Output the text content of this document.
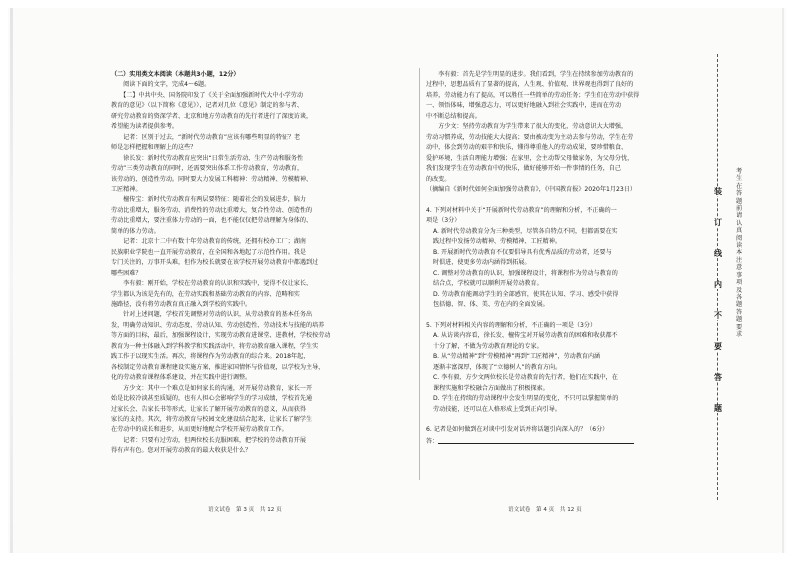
（二）实用类文本阅读（本题共3小题，12分）

　　阅读下面的文字，完成4～6题。

　　【二】中共中央、国务院印发了《关于全面加强新时代大中小学劳动

教育的意见》（以下简称《意见》），记者对几位《意见》制定的参与者、

研究劳动教育的资深学者、北京和地方劳动教育的先行者进行了深度访谈，

希望能为读者提供参考。

　　记者：区别于过去，“新时代劳动教育”应该有哪些明显的特征？老

师是怎样把握和理解上的这些？

　　徐长发：新时代劳动教育应突出“日常生活劳动、生产劳动和服务性

劳动”三类劳动教育的同时，还需要突出体系工作劳动教育，劳动教育，

该劳动的、创造性劳动。同时要大力发展工科精神：劳动精神、劳模精神、

工匠精神。

　　檀传宝：新时代劳动教育有两层要特征：随着社会的发展进步，脑力

劳动比重增大，服务劳动、消费性的劳动比重增大，复合性劳动、创造性的

劳动比重增大，要注重体力劳动的一面，也不能仅仅把劳动理解为身体的、

简单的体力劳动。

　　记者：北京十二中有数十年劳动教育的传统，还拥有校办工厂；湖南

民族职业学院也一直开展劳动教育，在全国和各地起了示范性作用。我是

专门关注的，万事开头难，但作为校长就要在该学校开展劳动教育中都遇到过

哪些困难？

　　李有毅：刚开始，学校在劳动教育的认识和实践中，觉得不仅让家长、

学生都认为该是先有的，在劳动实践和基础劳动教育的内容、范畴和实

施路径，没有将劳动教育真正融入到学校的实践中。

　　针对上述问题，学校首先调整对劳动的认识，从劳动教育的基本任务出

发，明确劳动知识、劳动态度、劳动认知、劳动创造性、劳动技术与技能的培养

等方面的目标，最后，加强课程设计，实现劳动教育进课堂、进教材，学校按劳动

教育为一种主体融入到学科教学和实践活动中，将劳动教育融入课程，学生实

践工作于以现实生活。再次，将课程作为劳动教育的综合来。2018年起，

各校制定劳动教育课程建设实施方案，推进家国情怀与价值观，以学校为主导，

化的劳动教育课程体系建设，并在实践中进行调整。

　　方少文：其中一个难点是如何家长的沟通，对开展劳动教育，家长一开

始是比较冷淡甚至质疑的，也有人担心会影响学生的学习成绩，学校首先通

过家长会、告家长书等形式，让家长了解开展劳动教育的意义，从而获得

家长的支持。其次，将劳动教育与校园文化建设结合起来，让家长了解学生

在劳动中的成长和进步，从而更好地配合学校开展劳动教育工作。

　　记者：只要有过劳动，但两位校长克服困难，把学校的劳动教育开展

得有声有色。您对开展劳动教育的最大收获是什么？

　　李有毅：首先是学生明显的进步。我们看到，学生在持续参加劳动教育的

过程中，思想品质有了显著的提高，人生观、价值观、世界观也得到了良好的

培养，劳动能力有了提高，可以胜任一些简单的劳动任务；学生们在劳动中获得

一、领悟体味，增强意志力，可以更好地融入到社会实践中，进而在劳动

中不断总结和提高。

　　方少文：坚持劳动教育为学生带来了很大的变化，劳动意识大大增强，

劳动习惯养成，劳动技能大大提高；要由被动变为主动去参与劳动，学生在劳

动中，体会到劳动的艰辛和快乐，懂得尊重他人的劳动成果，要珍惜粮食、

爱护环境，生活自理能力增强；在家里，会主动帮父母做家务，为父母分忧，

我们发现学生在劳动教育中的快乐，做好能够开始一件事情的任务，自己

的改变。

（摘编自《新时代如何全面加强劳动教育》，《中国教育报》2020年1月23日）

4. 下列对材料中关于“开展新时代劳动教育”的理解和分析，不正确的一

项是（3分）

A. 新时代劳动教育分为三种类型，尽管各自特点不同，但都需要在实

践过程中发扬劳动精神、劳模精神、工匠精神。

B. 开展新时代劳动教育不仅要倡导具有优秀品质的劳动者，还要与

时俱进，使更多劳动内涵得到拓展。

C. 调整对劳动教育的认识，加强课程设计，将课程作为劳动与教育的

结合点，学校就可以顺利开展劳动教育。

D. 劳动教育能调动学生的全部感官，使其在认知、学习、感受中获得

包括德、智、体、美、劳在内的全面发展。

5. 下列对材料相关内容的理解和分析，不正确的一项是（3分）

A. 从访谈内容看，徐长发、檀传宝对开展劳动教育的困难和收获都不

十分了解，不做为劳动教育理论的专家。

B. 从“劳动精神”到“劳模精神”再到“工匠精神”，劳动教育内涵

逐渐丰富深厚，体现了“立德树人”的教育方向。

C. 李有毅、方少文两位校长是劳动教育的先行者，他们在实践中，在

课程实施和学校融合方面做出了积极探索。

D. 学生在持续的劳动课程中会发生明显的变化，不只可以掌握简单的

劳动技能，还可以在人格形成上受到正向引导。

6. 记者是如何做到在对谈中引发对话并将话题引向深入的？（6分）

答：

语文试卷　第 3 页　共 12 页	语文试卷　第 4 页　共 12 页
装
订
线
内
不
要
答
题
考生在答题前请认真阅读本注意事项及各题答题要求
